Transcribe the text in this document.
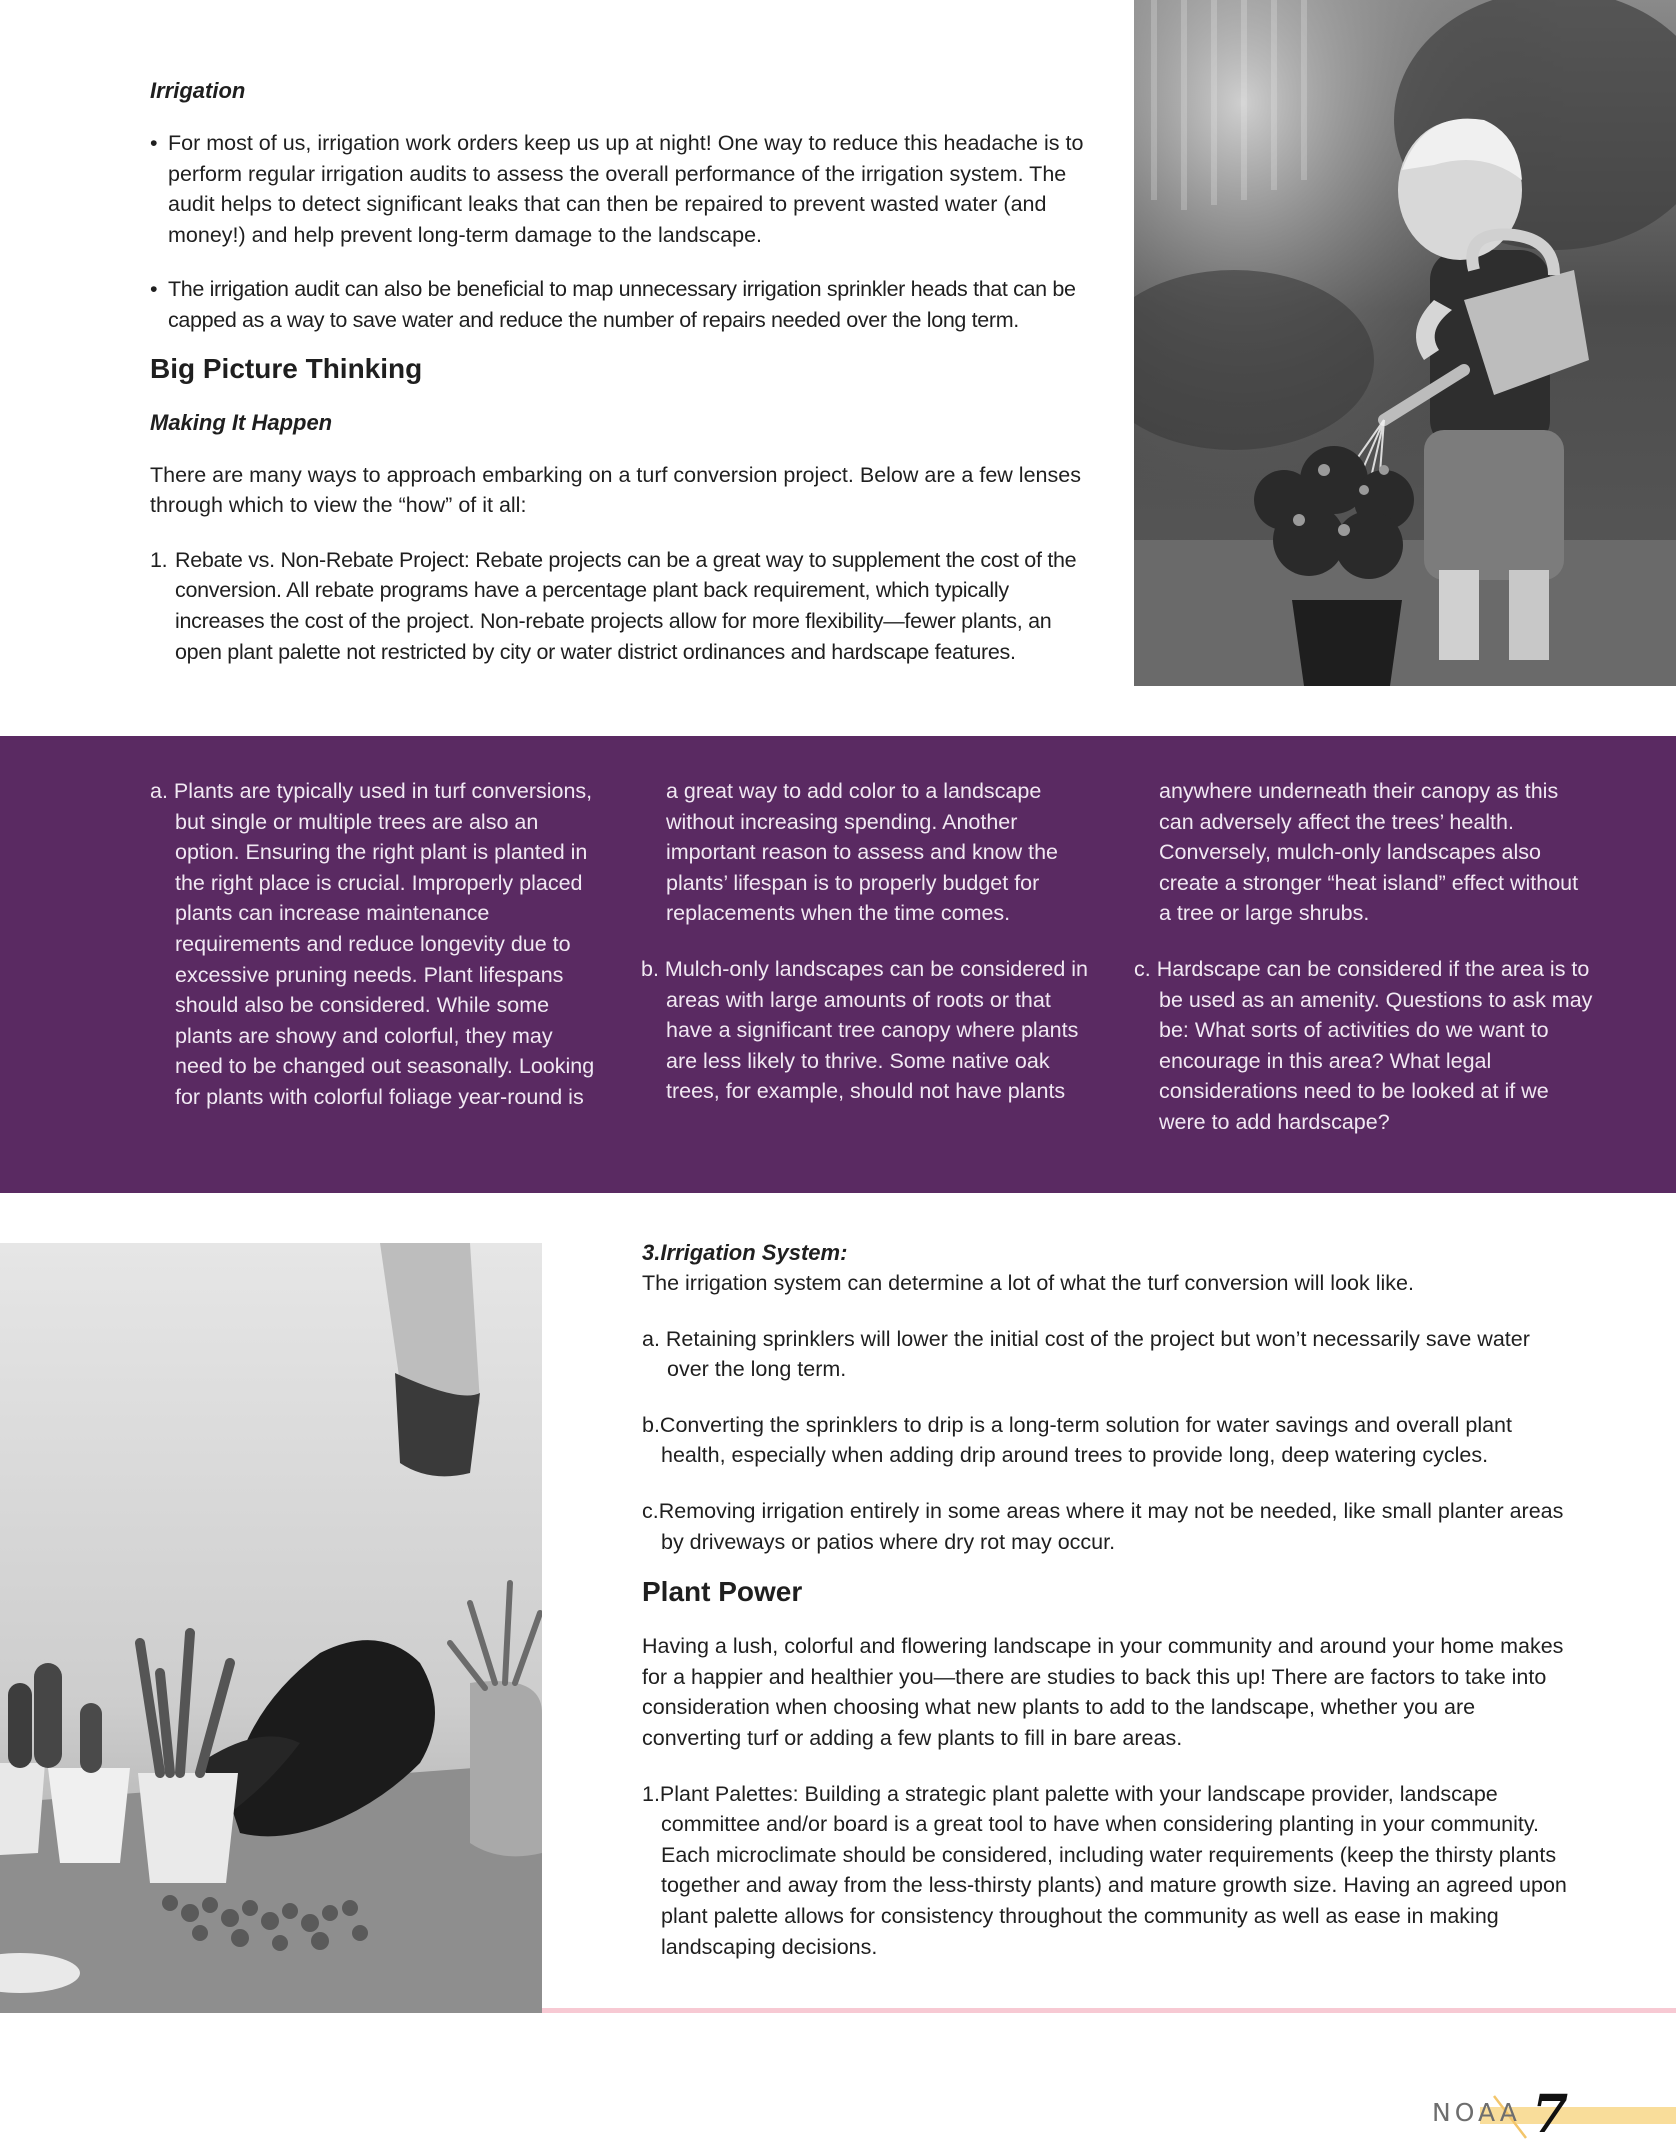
Irrigation

• For most of us, irrigation work orders keep us up at night! One way to reduce this headache is to perform regular irrigation audits to assess the overall performance of the irrigation system. The audit helps to detect significant leaks that can then be repaired to prevent wasted water (and money!) and help prevent long-term damage to the landscape.

• The irrigation audit can also be beneficial to map unnecessary irrigation sprinkler heads that can be capped as a way to save water and reduce the number of repairs needed over the long term.

Big Picture Thinking

Making It Happen

There are many ways to approach embarking on a turf conversion project. Below are a few lenses through which to view the “how” of it all:

1. Rebate vs. Non-Rebate Project: Rebate projects can be a great way to supplement the cost of the conversion. All rebate programs have a percentage plant back requirement, which typically increases the cost of the project. Non-rebate projects allow for more flexibility—fewer plants, an open plant palette not restricted by city or water district ordinances and hardscape features.

a. Plants are typically used in turf conversions, but single or multiple trees are also an option. Ensuring the right plant is planted in the right place is crucial. Improperly placed plants can increase maintenance requirements and reduce longevity due to excessive pruning needs. Plant lifespans should also be considered. While some plants are showy and colorful, they may need to be changed out seasonally. Looking for plants with colorful foliage year-round is

a great way to add color to a landscape without increasing spending. Another important reason to assess and know the plants’ lifespan is to properly budget for replacements when the time comes.

b. Mulch-only landscapes can be considered in areas with large amounts of roots or that have a significant tree canopy where plants are less likely to thrive. Some native oak trees, for example, should not have plants

anywhere underneath their canopy as this can adversely affect the trees’ health. Conversely, mulch-only landscapes also create a stronger “heat island” effect without a tree or large shrubs.

c. Hardscape can be considered if the area is to be used as an amenity. Questions to ask may be: What sorts of activities do we want to encourage in this area? What legal considerations need to be looked at if we were to add hardscape?

3.Irrigation System:

The irrigation system can determine a lot of what the turf conversion will look like.

a. Retaining sprinklers will lower the initial cost of the project but won’t necessarily save water over the long term.

b.Converting the sprinklers to drip is a long-term solution for water savings and overall plant health, especially when adding drip around trees to provide long, deep watering cycles.

c.Removing irrigation entirely in some areas where it may not be needed, like small planter areas by driveways or patios where dry rot may occur.

Plant Power

Having a lush, colorful and flowering landscape in your community and around your home makes for a happier and healthier you—there are studies to back this up! There are factors to take into consideration when choosing what new plants to add to the landscape, whether you are converting turf or adding a few plants to fill in bare areas.

1.Plant Palettes: Building a strategic plant palette with your landscape provider, landscape committee and/or board is a great tool to have when considering planting in your community. Each microclimate should be considered, including water requirements (keep the thirsty plants together and away from the less-thirsty plants) and mature growth size. Having an agreed upon plant palette allows for consistency throughout the community as well as ease in making landscaping decisions.

NOAA 7
